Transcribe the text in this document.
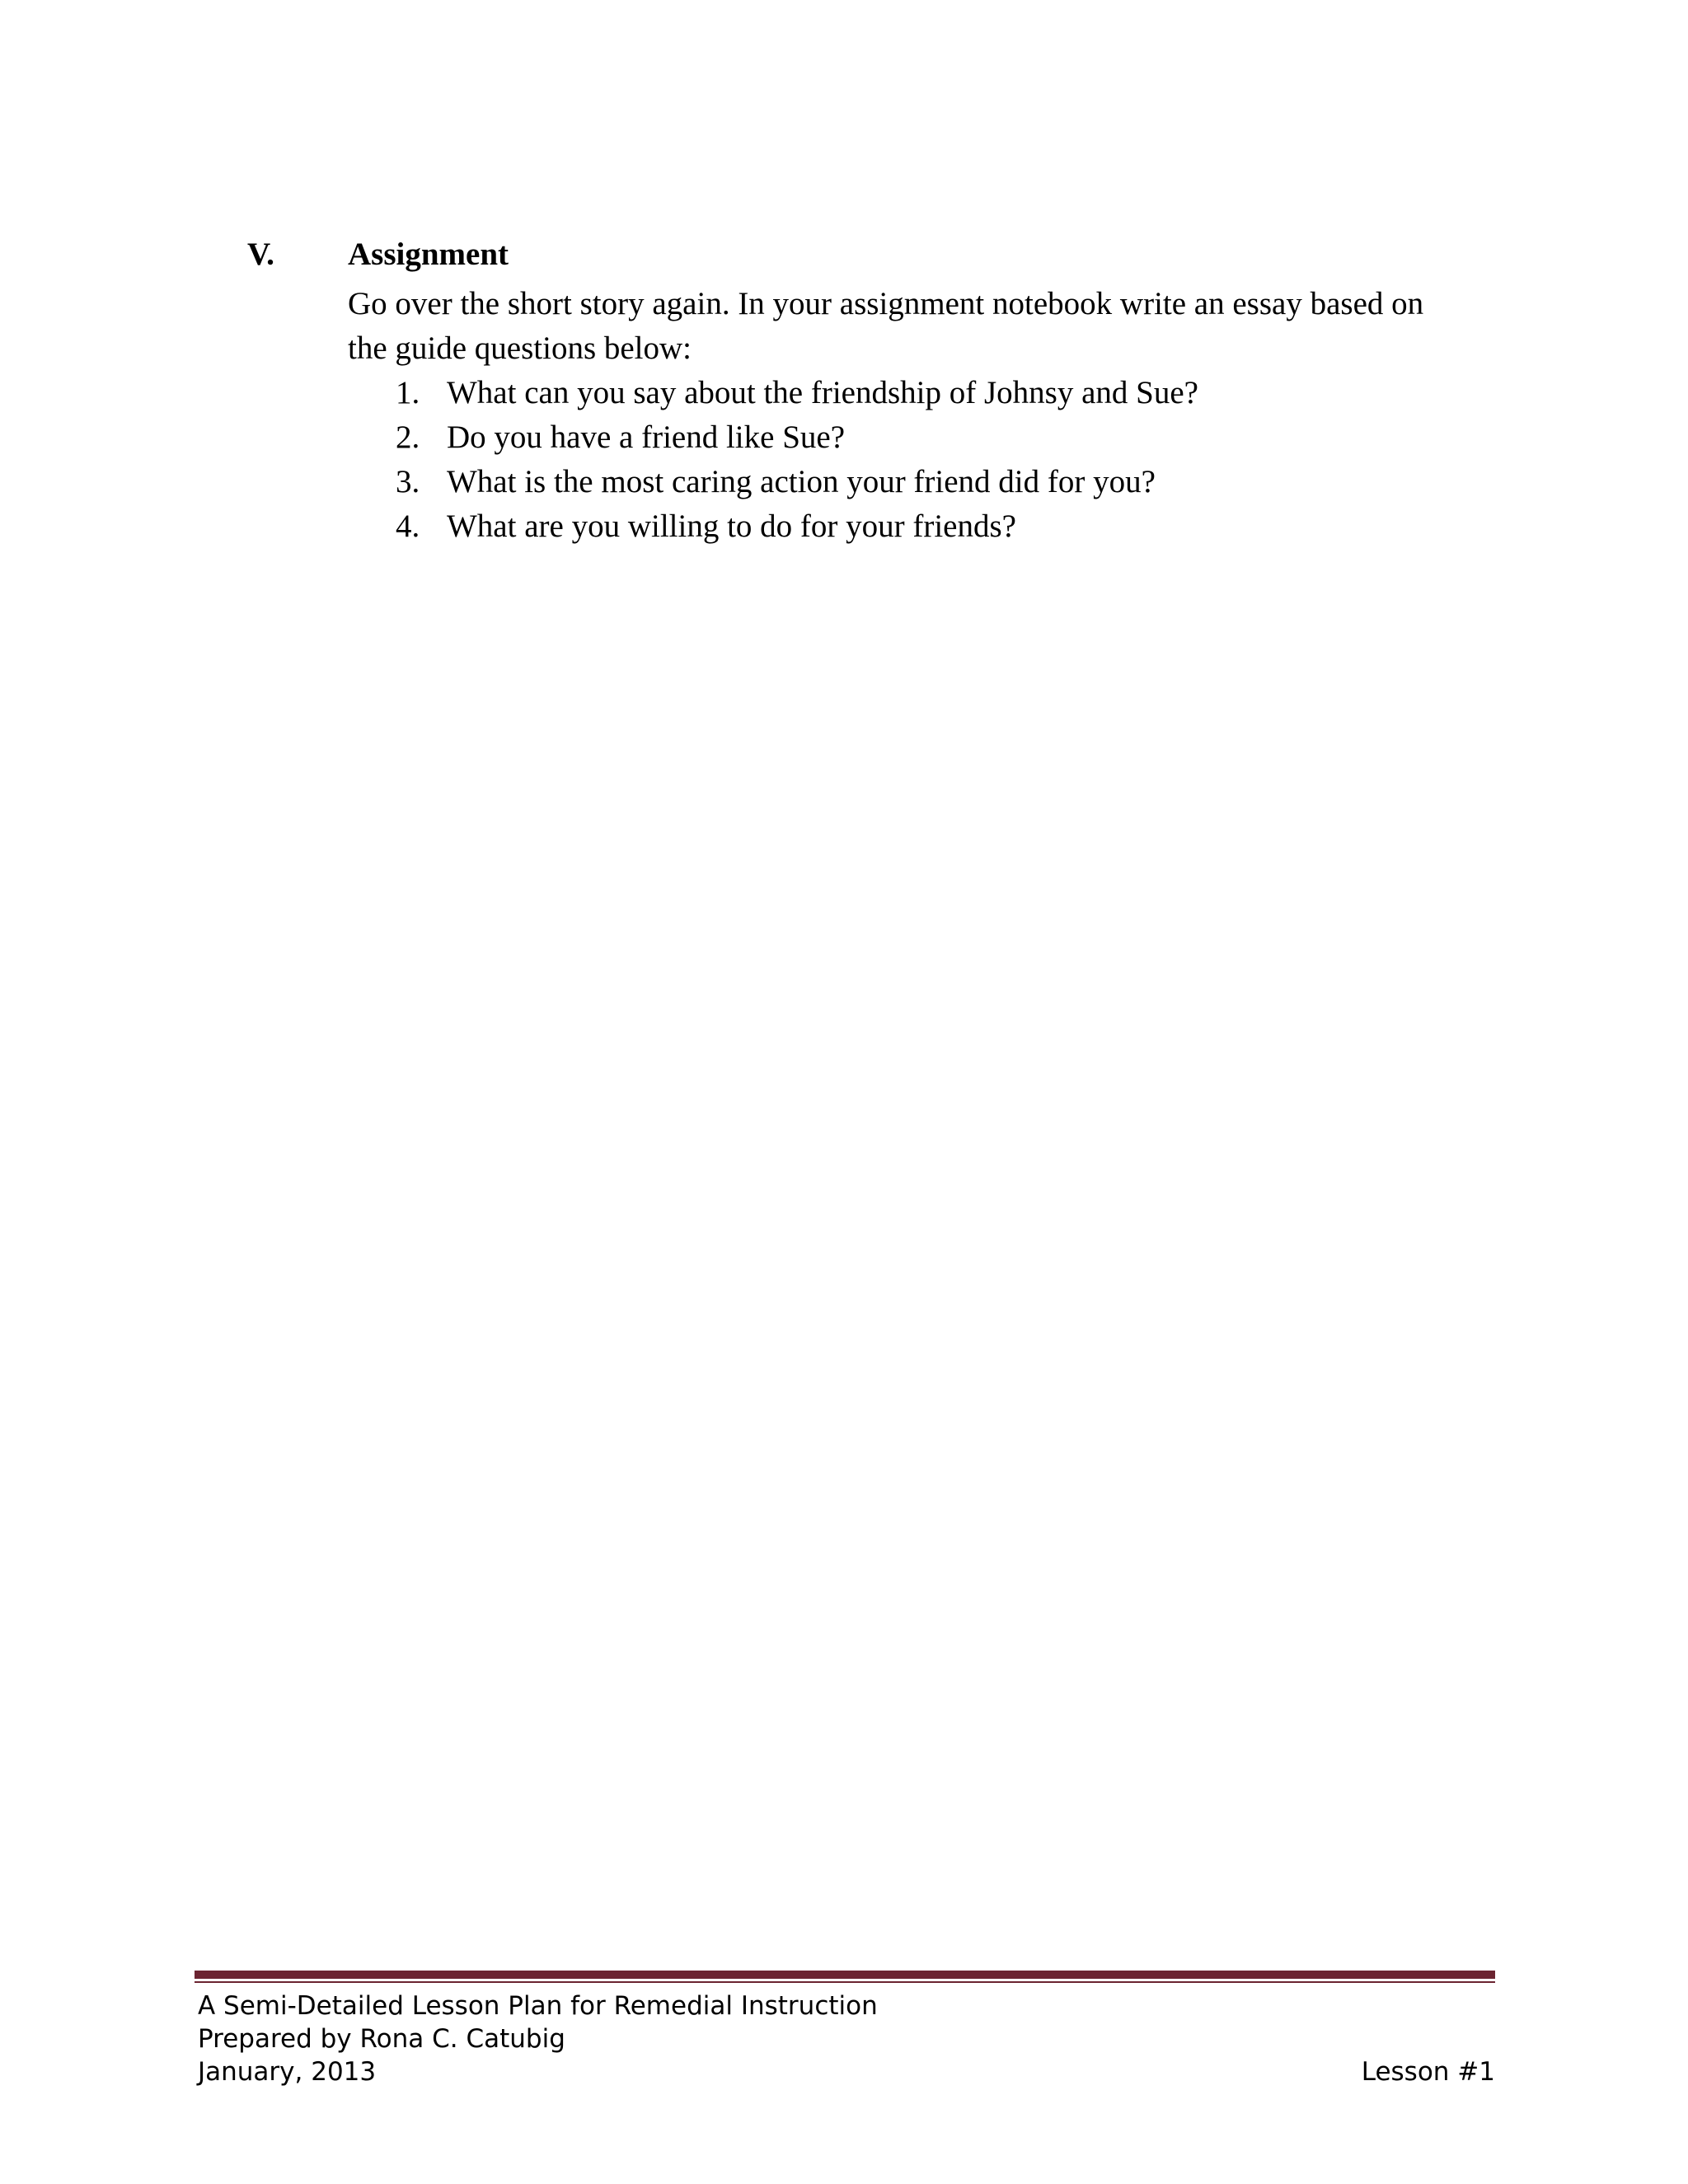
V.	Assignment

Go over the short story again. In your assignment notebook write an essay based on the guide questions below:

1. What can you say about the friendship of Johnsy and Sue?
2. Do you have a friend like Sue?
3. What is the most caring action your friend did for you?
4. What are you willing to do for your friends?
A Semi-Detailed Lesson Plan for Remedial Instruction
Prepared by Rona C. Catubig
January, 2013	Lesson #1
